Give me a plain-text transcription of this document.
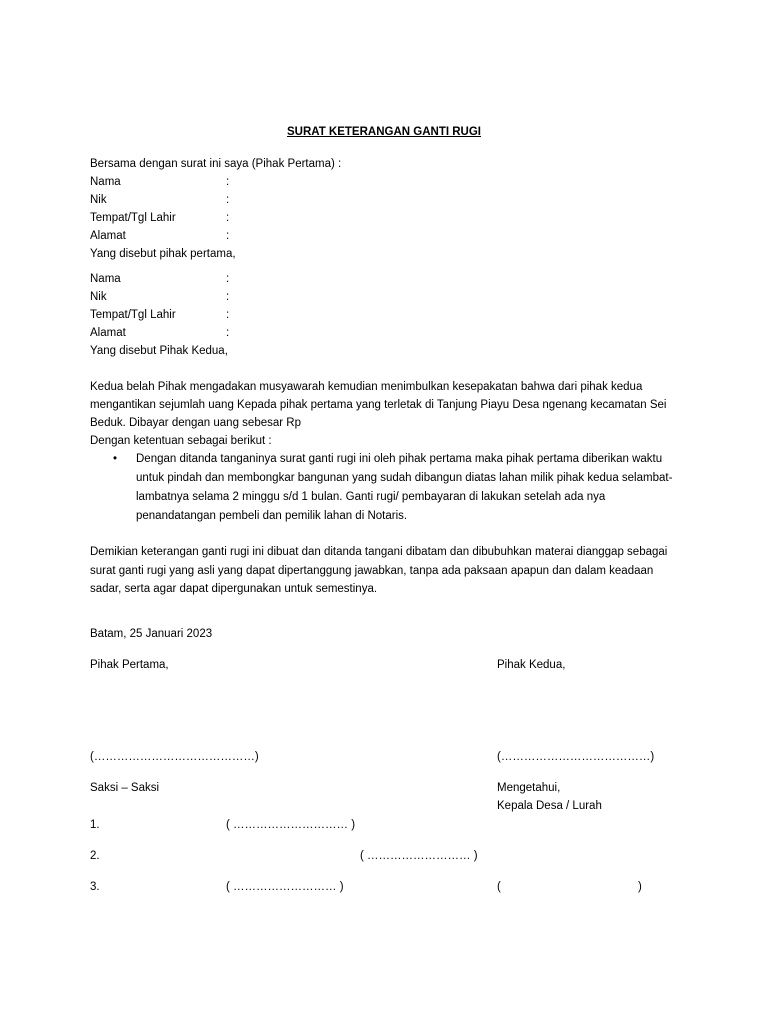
SURAT KETERANGAN GANTI RUGI
Bersama dengan surat ini saya (Pihak Pertama) :
Nama	:
Nik	:
Tempat/Tgl Lahir	:
Alamat	:
Yang disebut pihak pertama,
Nama	:
Nik	:
Tempat/Tgl Lahir	:
Alamat	:
Yang disebut Pihak Kedua,
Kedua belah Pihak mengadakan musyawarah kemudian menimbulkan kesepakatan bahwa dari pihak kedua
mengantikan sejumlah uang Kepada pihak pertama yang terletak di Tanjung Piayu Desa ngenang kecamatan Sei
Beduk. Dibayar dengan uang sebesar Rp
Dengan ketentuan sebagai berikut :
• Dengan ditanda tanganinya surat ganti rugi ini oleh pihak pertama maka pihak pertama diberikan waktu
untuk pindah dan membongkar bangunan yang sudah dibangun diatas lahan milik pihak kedua selambat-
lambatnya selama 2 minggu s/d 1 bulan. Ganti rugi/ pembayaran di lakukan setelah ada nya
penandatangan pembeli dan pemilik lahan di Notaris.
Demikian keterangan ganti rugi ini dibuat dan ditanda tangani dibatam dan dibubuhkan materai dianggap sebagai
surat ganti rugi yang asli yang dapat dipertanggung jawabkan, tanpa ada paksaan apapun dan dalam keadaan
sadar, serta agar dapat dipergunakan untuk semestinya.
Batam, 25 Januari 2023
Pihak Pertama,	Pihak Kedua,
(……………………………………)	(…………………………………)
Saksi – Saksi	Mengetahui,
Kepala Desa / Lurah
1.	( ………………………… )
2.	( ……………………… )
3.	( ……………………… )	(	)
